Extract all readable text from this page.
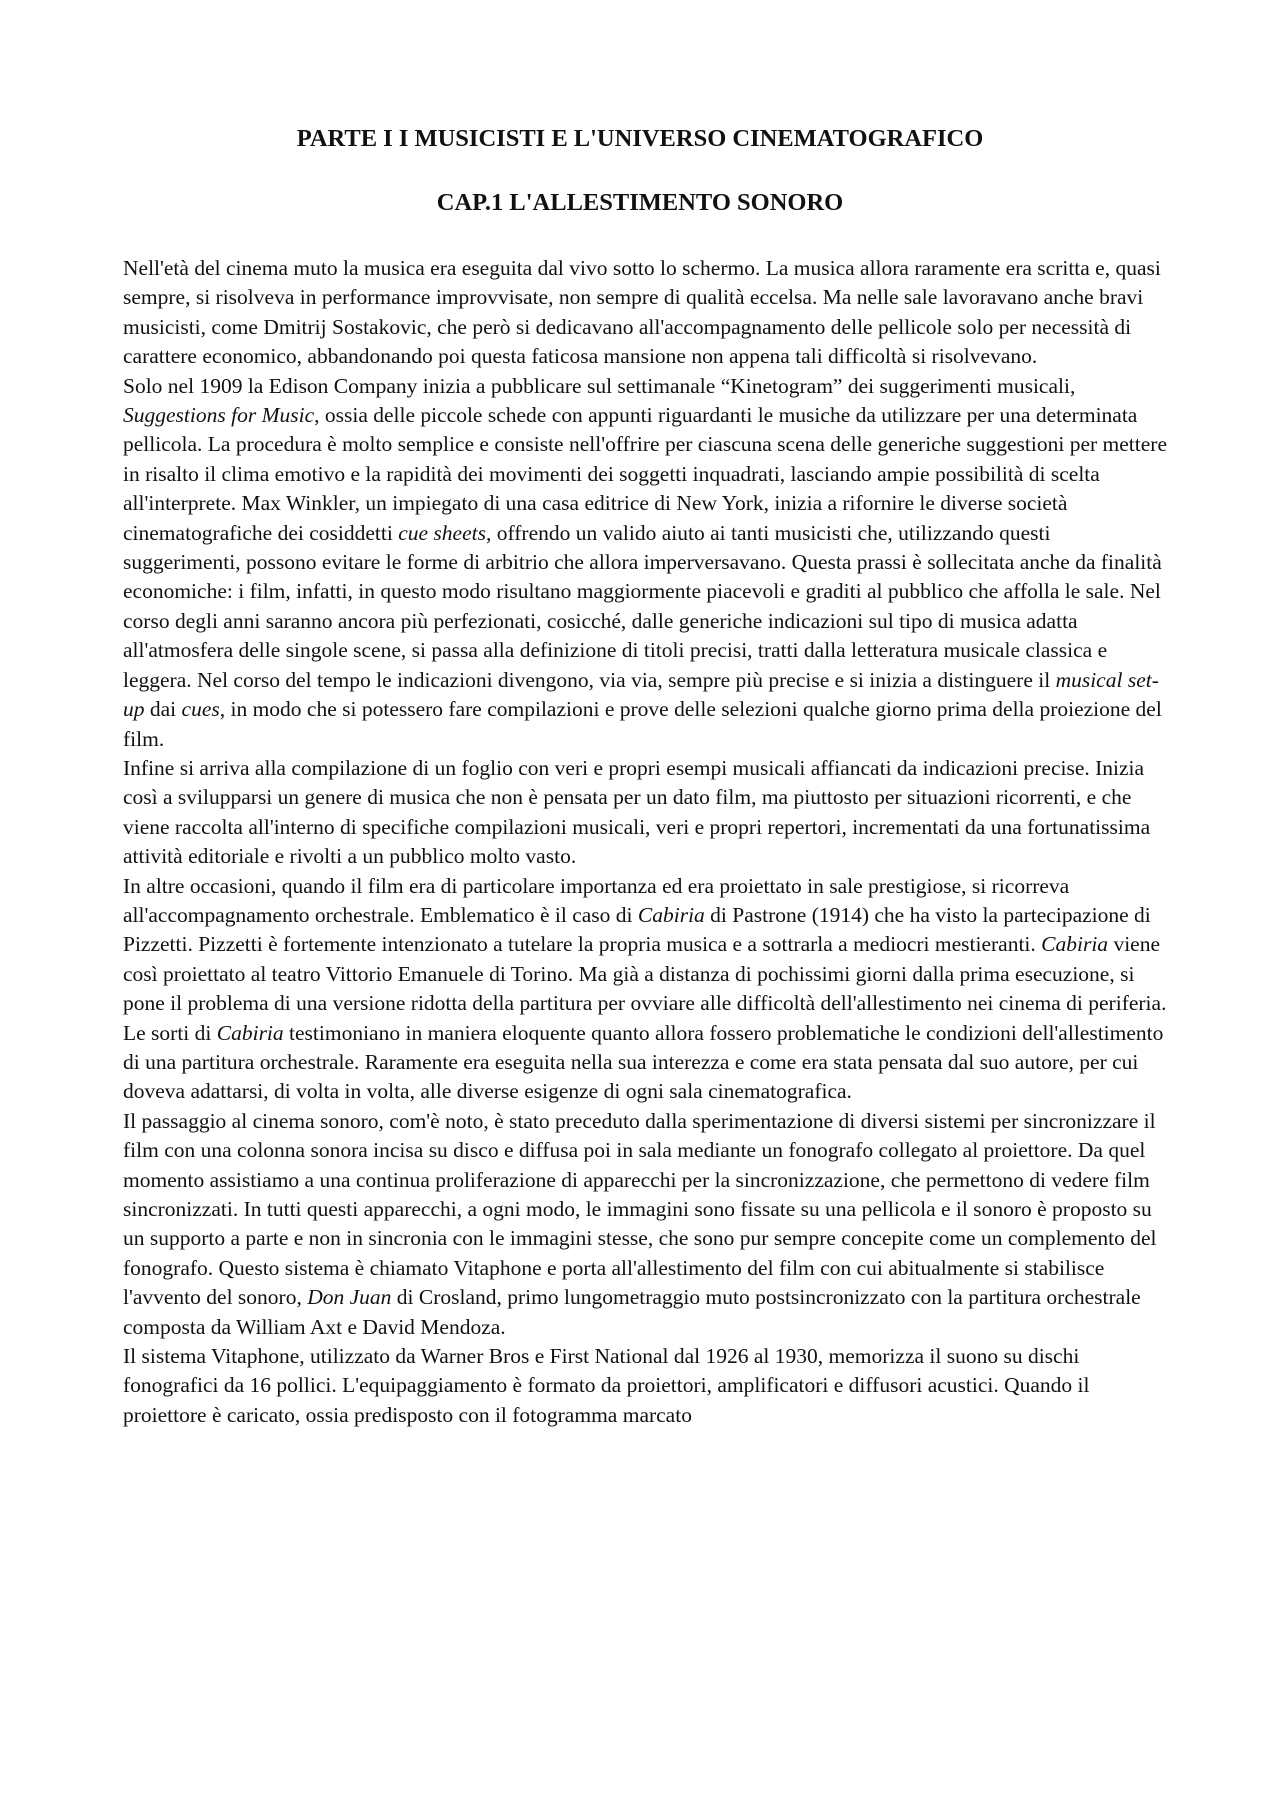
PARTE I I MUSICISTI E L'UNIVERSO CINEMATOGRAFICO
CAP.1 L'ALLESTIMENTO SONORO

Nell'età del cinema muto la musica era eseguita dal vivo sotto lo schermo. La musica allora raramente era scritta e, quasi sempre, si risolveva in performance improvvisate, non sempre di qualità eccelsa. Ma nelle sale lavoravano anche bravi musicisti, come Dmitrij Sostakovic, che però si dedicavano all'accompagnamento delle pellicole solo per necessità di carattere economico, abbandonando poi questa faticosa mansione non appena tali difficoltà si risolvevano.

Solo nel 1909 la Edison Company inizia a pubblicare sul settimanale “Kinetogram” dei suggerimenti musicali, Suggestions for Music, ossia delle piccole schede con appunti riguardanti le musiche da utilizzare per una determinata pellicola. La procedura è molto semplice e consiste nell'offrire per ciascuna scena delle generiche suggestioni per mettere in risalto il clima emotivo e la rapidità dei movimenti dei soggetti inquadrati, lasciando ampie possibilità di scelta all'interprete. Max Winkler, un impiegato di una casa editrice di New York, inizia a rifornire le diverse società cinematografiche dei cosiddetti cue sheets, offrendo un valido aiuto ai tanti musicisti che, utilizzando questi suggerimenti, possono evitare le forme di arbitrio che allora imperversavano. Questa prassi è sollecitata anche da finalità economiche: i film, infatti, in questo modo risultano maggiormente piacevoli e graditi al pubblico che affolla le sale. Nel corso degli anni saranno ancora più perfezionati, cosicché, dalle generiche indicazioni sul tipo di musica adatta all'atmosfera delle singole scene, si passa alla definizione di titoli precisi, tratti dalla letteratura musicale classica e leggera. Nel corso del tempo le indicazioni divengono, via via, sempre più precise e si inizia a distinguere il musical set-up dai cues, in modo che si potessero fare compilazioni e prove delle selezioni qualche giorno prima della proiezione del film.

Infine si arriva alla compilazione di un foglio con veri e propri esempi musicali affiancati da indicazioni precise. Inizia così a svilupparsi un genere di musica che non è pensata per un dato film, ma piuttosto per situazioni ricorrenti, e che viene raccolta all'interno di specifiche compilazioni musicali, veri e propri repertori, incrementati da una fortunatissima attività editoriale e rivolti a un pubblico molto vasto.

In altre occasioni, quando il film era di particolare importanza ed era proiettato in sale prestigiose, si ricorreva all'accompagnamento orchestrale. Emblematico è il caso di Cabiria di Pastrone (1914) che ha visto la partecipazione di Pizzetti. Pizzetti è fortemente intenzionato a tutelare la propria musica e a sottrarla a mediocri mestieranti. Cabiria viene così proiettato al teatro Vittorio Emanuele di Torino. Ma già a distanza di pochissimi giorni dalla prima esecuzione, si pone il problema di una versione ridotta della partitura per ovviare alle difficoltà dell'allestimento nei cinema di periferia. Le sorti di Cabiria testimoniano in maniera eloquente quanto allora fossero problematiche le condizioni dell'allestimento di una partitura orchestrale. Raramente era eseguita nella sua interezza e come era stata pensata dal suo autore, per cui doveva adattarsi, di volta in volta, alle diverse esigenze di ogni sala cinematografica.

Il passaggio al cinema sonoro, com'è noto, è stato preceduto dalla sperimentazione di diversi sistemi per sincronizzare il film con una colonna sonora incisa su disco e diffusa poi in sala mediante un fonografo collegato al proiettore. Da quel momento assistiamo a una continua proliferazione di apparecchi per la sincronizzazione, che permettono di vedere film sincronizzati. In tutti questi apparecchi, a ogni modo, le immagini sono fissate su una pellicola e il sonoro è proposto su un supporto a parte e non in sincronia con le immagini stesse, che sono pur sempre concepite come un complemento del fonografo. Questo sistema è chiamato Vitaphone e porta all'allestimento del film con cui abitualmente si stabilisce l'avvento del sonoro, Don Juan di Crosland, primo lungometraggio muto postsincronizzato con la partitura orchestrale composta da William Axt e David Mendoza.

Il sistema Vitaphone, utilizzato da Warner Bros e First National dal 1926 al 1930, memorizza il suono su dischi fonografici da 16 pollici. L'equipaggiamento è formato da proiettori, amplificatori e diffusori acustici. Quando il proiettore è caricato, ossia predisposto con il fotogramma marcato
